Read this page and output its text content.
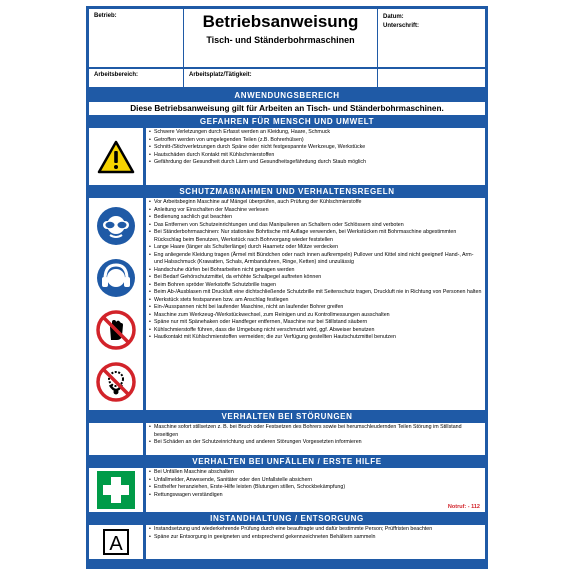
Betrieb:	Betriebsanweisung
Tisch- und Ständerbohrmaschinen
Datum:
Unterschrift:
Arbeitsbereich:	Arbeitsplatz/Tätigkeit:
ANWENDUNGSBEREICH
Diese Betriebsanweisung gilt für Arbeiten an Tisch- und Ständerbohrmaschinen.
GEFAHREN FÜR MENSCH UND UMWELT
• Schwere Verletzungen durch Erfasst werden an Kleidung, Haare, Schmuck
• Getroffen werden von umgelegenden Teilen (z.B. Bohrerhülsen)
• Schnitt-/Stichverletzungen durch Späne oder nicht festgespannte Werkzeuge, Werkstücke
• Hautschäden durch Kontakt mit Kühlschmierstoffen
• Gefährdung der Gesundheit durch Lärm und Gesundheitsgefährdung durch Staub möglich
SCHUTZMAßNAHMEN UND VERHALTENSREGELN
• Vor Arbeitsbeginn Maschine auf Mängel überprüfen, auch Prüfung der Kühlschmierstoffe
• Anleitung vor Einschalten der Maschine verlesen
• Bedienung sachlich gut beachten
• Das Entfernen von Schutzeinrichtungen und das Manipulieren an Schaltern oder Schlössern sind verboten
• Bei Ständerbohrmaschinen: Nur stationäre Bohrtische mit Auflage verwenden, bei Werkstücken mit Bohrmaschine abgestimmten Rückschlag beim Benutzen, Werkstück nach Bohrvorgang wieder feststellen
• Lange Haare (länger als Schulterlänge) durch Haarnetz oder Mütze verdecken
• Eng anliegende Kleidung tragen (Ärmel mit Bündchen oder nach innen aufkrempeln) Pullover und Kittel sind nicht geeignet! Hand-, Arm- und Halsschmuck (Krawatten, Schals, Armbanduhren, Ringe, Ketten) sind unzulässig
• Handschuhe dürfen bei Bohrarbeiten nicht getragen werden
• Bei Bedarf Gehörschutzmittel, da erhöhte Schallpegel auftreten können
• Beim Bohren spröder Werkstoffe Schutzbrille tragen
• Beim Ab-/Ausblasen mit Druckluft eine dichtschließende Schutzbrille mit Seitenschutz tragen, Druckluft nie in Richtung von Personen halten
• Werkstück stets festspannen bzw. am Anschlag festlegen
• Ein-/Ausspannen nicht bei laufender Maschine, nicht an laufender Bohrer greifen
• Maschine zum Werkzeug-/Werkstückwechsel, zum Reinigen und zu Kontrollmessungen ausschalten
• Späne nur mit Spänehaken oder Handfeger entfernen, Maschine nur bei Stillstand säubern
• Kühlschmierstoffe führen, dass die Umgebung nicht verschmutzt wird, ggf. Abweiser benutzen
• Hautkontakt mit Kühlschmierstoffen vermeiden; die zur Verfügung gestellten Hautschutzmittel benutzen
VERHALTEN BEI STÖRUNGEN
• Maschine sofort stillsetzen z. B. bei Bruch oder Festsetzen des Bohrers sowie bei herumschleudernden Teilen Störung im Stillstand beseitigen
• Bei Schäden an der Schutzeinrichtung und anderen Störungen Vorgesetzten informieren
VERHALTEN BEI UNFÄLLEN / ERSTE HILFE
• Bei Unfällen Maschine abschalten
• Unfallmelder, Anwesende, Sanitäter oder den Unfallstelle absichern
• Ersthelfer heranziehen, Erste-Hilfe leisten (Blutungen stillen, Schockbekämpfung)
• Rettungswagen verständigen
Notruf: - 112
INSTANDHALTUNG / ENTSORGUNG
A
• Instandsetzung und wiederkehrende Prüfung durch eine beauftragte und dafür bestimmte Person; Prüffristen beachten
• Späne zur Entsorgung in geeigneten und entsprechend gekennzeichneten Behältern sammeln
